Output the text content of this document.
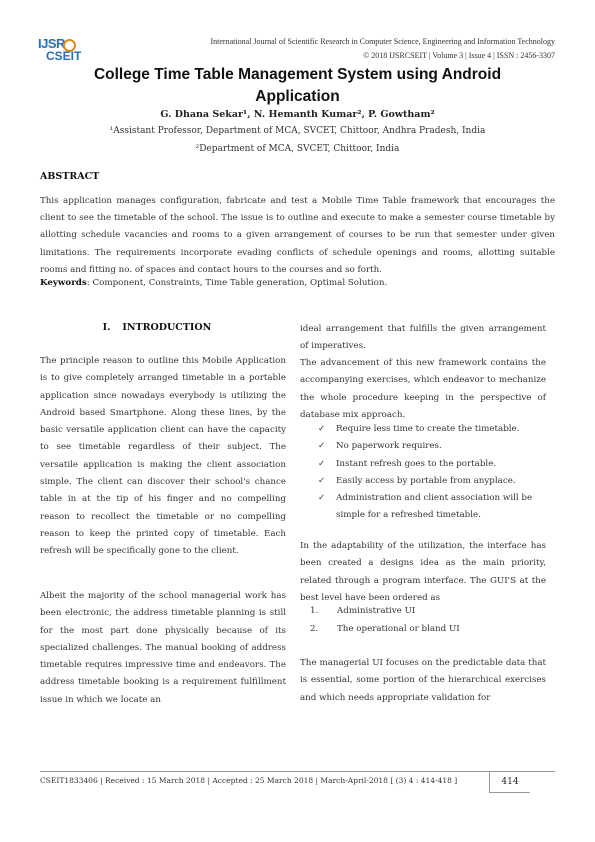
IJSR
CSEIT
International Journal of Scientific Research in Computer Science, Engineering and Information Technology
© 2018 IJSRCSEIT | Volume 3 | Issue 4 | ISSN : 2456-3307
College Time Table Management System using Android
Application
G. Dhana Sekar¹, N. Hemanth Kumar², P. Gowtham²
¹Assistant Professor, Department of MCA, SVCET, Chittoor, Andhra Pradesh, India
²Department of MCA, SVCET, Chittoor, India
ABSTRACT
This application manages configuration, fabricate and test a Mobile Time Table framework that encourages the client to see the timetable of the school. The issue is to outline and execute to make a semester course timetable by allotting schedule vacancies and rooms to a given arrangement of courses to be run that semester under given limitations. The requirements incorporate evading conflicts of schedule openings and rooms, allotting suitable rooms and fitting no. of spaces and contact hours to the courses and so forth.
Keywords: Component, Constraints, Time Table generation, Optimal Solution.
I. INTRODUCTION

The principle reason to outline this Mobile Application is to give completely arranged timetable in a portable application since nowadays everybody is utilizing the Android based Smartphone. Along these lines, by the basic versatile application client can have the capacity to see timetable regardless of their subject. The versatile application is making the client association simple. The client can discover their school's chance table in at the tip of his finger and no compelling reason to recollect the timetable or no compelling reason to keep the printed copy of timetable. Each refresh will be specifically gone to the client.

Albeit the majority of the school managerial work has been electronic, the address timetable planning is still for the most part done physically because of its specialized challenges. The manual booking of address timetable requires impressive time and endeavors. The address timetable booking is a requirement fulfillment issue in which we locate an

ideal arrangement that fulfills the given arrangement of imperatives.

The advancement of this new framework contains the accompanying exercises, which endeavor to mechanize the whole procedure keeping in the perspective of database mix approach.

✓ Require less time to create the timetable.
✓ No paperwork requires.
✓ Instant refresh goes to the portable.
✓ Easily access by portable from anyplace.
✓ Administration and client association will be simple for a refreshed timetable.

In the adaptability of the utilization, the interface has been created a designs idea as the main priority, related through a program interface. The GUI'S at the best level have been ordered as

1. Administrative UI
2. The operational or bland UI

The managerial UI focuses on the predictable data that is essential, some portion of the hierarchical exercises and which needs appropriate validation for

CSEIT1833406 | Received : 15 March 2018 | Accepted : 25 March 2018 | March-April-2018 [ (3) 4 : 414-418 ]	414
